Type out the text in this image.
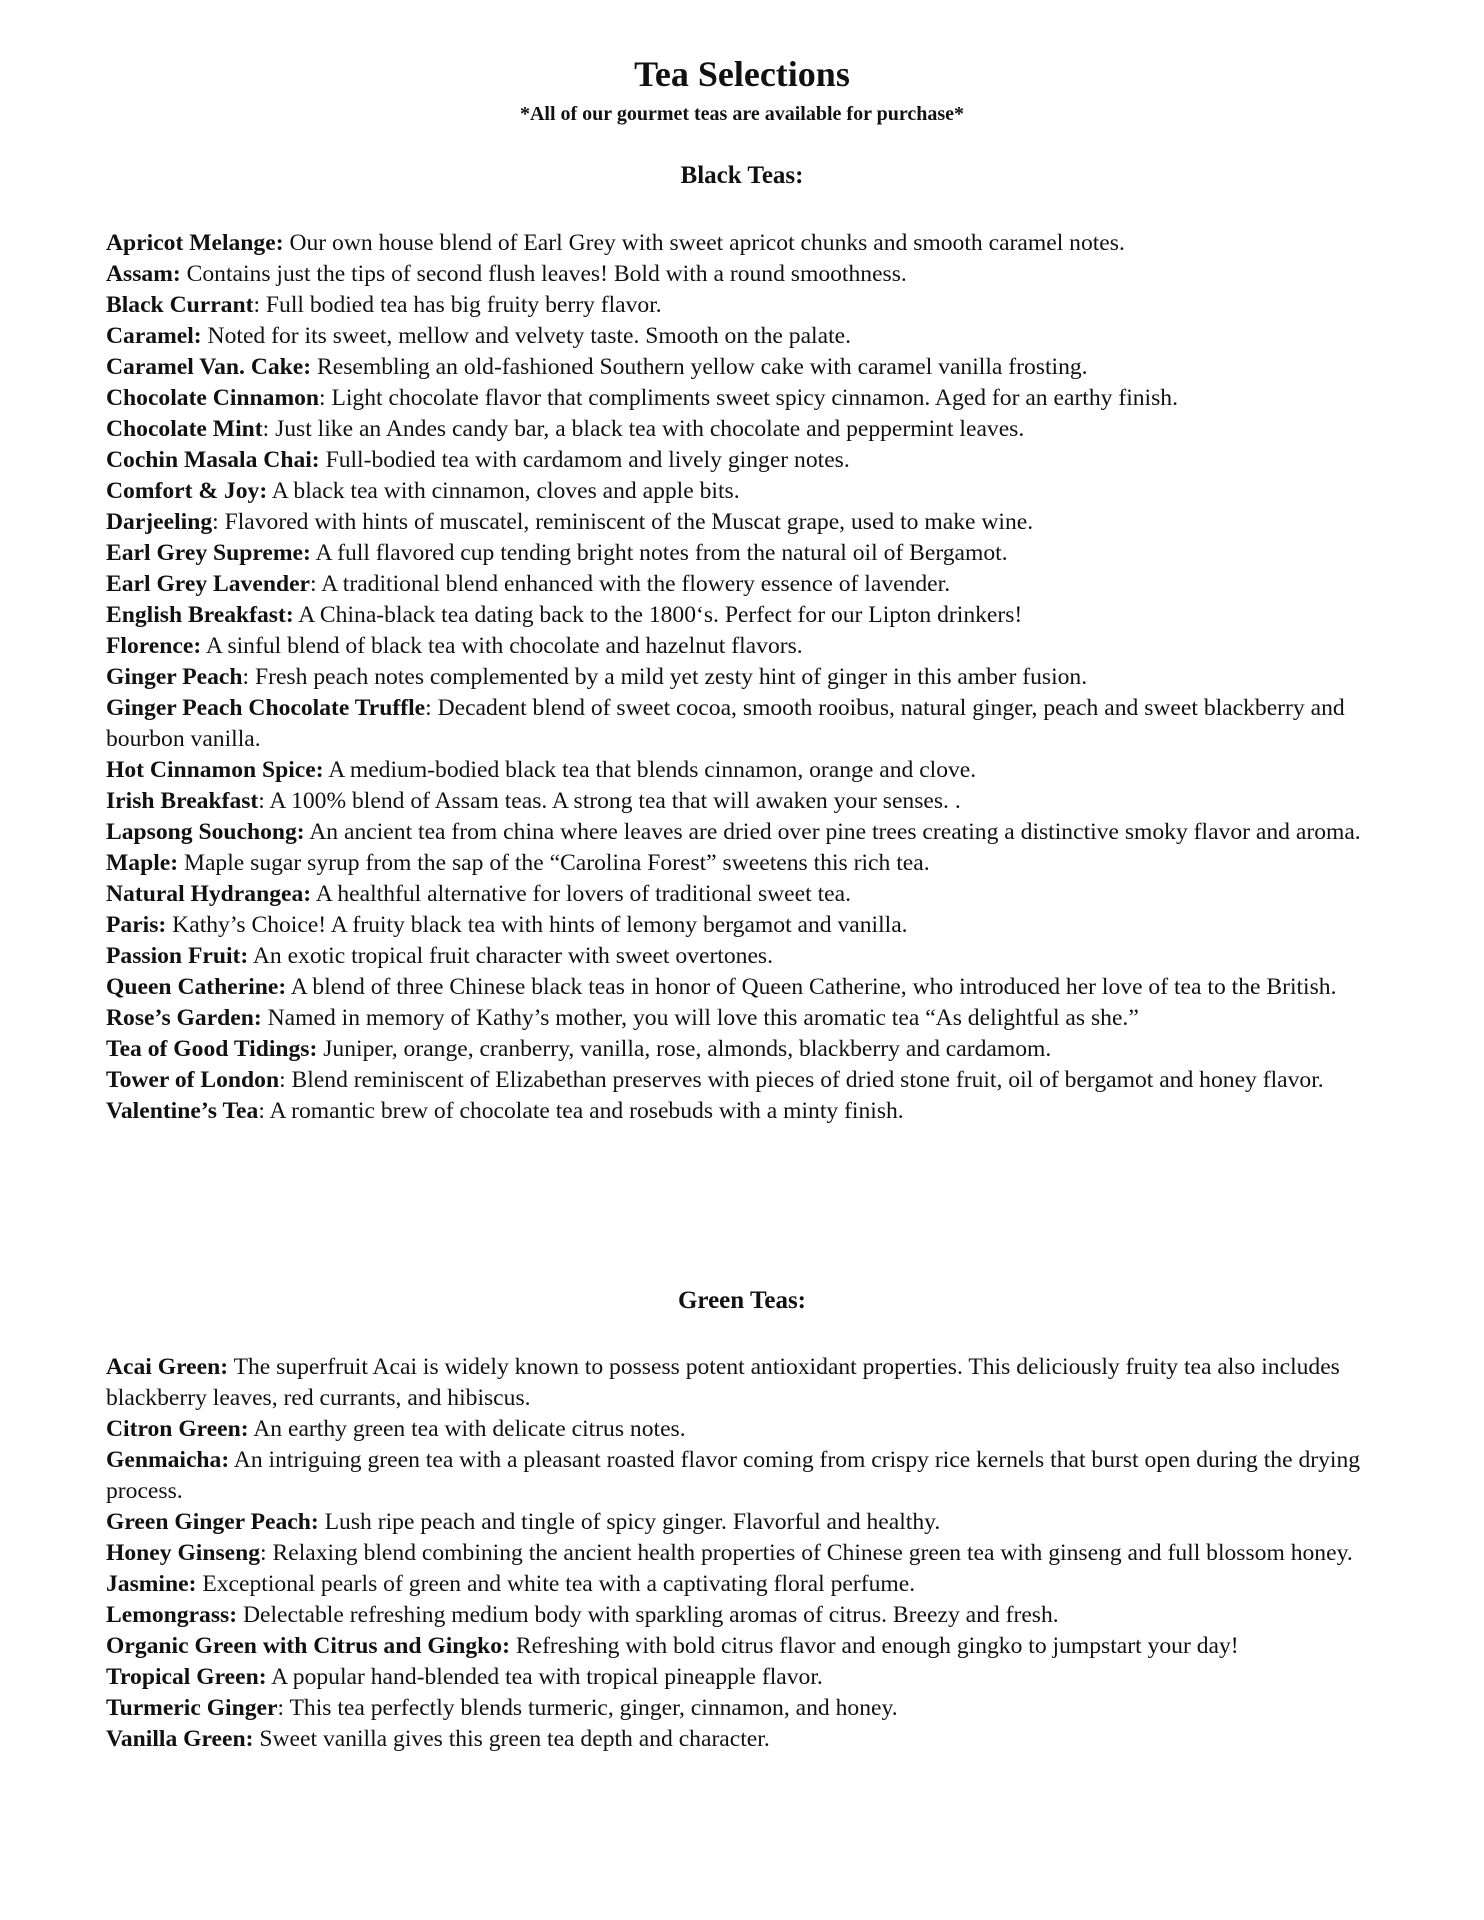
Tea Selections
*All of our gourmet teas are available for purchase*
Black Teas:
Apricot Melange: Our own house blend of Earl Grey with sweet apricot chunks and smooth caramel notes.
Assam: Contains just the tips of second flush leaves! Bold with a round smoothness.
Black Currant: Full bodied tea has big fruity berry flavor.
Caramel: Noted for its sweet, mellow and velvety taste. Smooth on the palate.
Caramel Van. Cake: Resembling an old-fashioned Southern yellow cake with caramel vanilla frosting.
Chocolate Cinnamon: Light chocolate flavor that compliments sweet spicy cinnamon. Aged for an earthy finish.
Chocolate Mint: Just like an Andes candy bar, a black tea with chocolate and peppermint leaves.
Cochin Masala Chai: Full-bodied tea with cardamom and lively ginger notes.
Comfort & Joy: A black tea with cinnamon, cloves and apple bits.
Darjeeling: Flavored with hints of muscatel, reminiscent of the Muscat grape, used to make wine.
Earl Grey Supreme: A full flavored cup tending bright notes from the natural oil of Bergamot.
Earl Grey Lavender: A traditional blend enhanced with the flowery essence of lavender.
English Breakfast: A China-black tea dating back to the 1800‘s. Perfect for our Lipton drinkers!
Florence: A sinful blend of black tea with chocolate and hazelnut flavors.
Ginger Peach: Fresh peach notes complemented by a mild yet zesty hint of ginger in this amber fusion.
Ginger Peach Chocolate Truffle: Decadent blend of sweet cocoa, smooth rooibus, natural ginger, peach and sweet blackberry and bourbon vanilla.
Hot Cinnamon Spice: A medium-bodied black tea that blends cinnamon, orange and clove.
Irish Breakfast: A 100% blend of Assam teas. A strong tea that will awaken your senses. .
Lapsong Souchong: An ancient tea from china where leaves are dried over pine trees creating a distinctive smoky flavor and aroma.
Maple: Maple sugar syrup from the sap of the “Carolina Forest” sweetens this rich tea.
Natural Hydrangea: A healthful alternative for lovers of traditional sweet tea.
Paris: Kathy’s Choice! A fruity black tea with hints of lemony bergamot and vanilla.
Passion Fruit: An exotic tropical fruit character with sweet overtones.
Queen Catherine: A blend of three Chinese black teas in honor of Queen Catherine, who introduced her love of tea to the British.
Rose’s Garden: Named in memory of Kathy’s mother, you will love this aromatic tea “As delightful as she.”
Tea of Good Tidings: Juniper, orange, cranberry, vanilla, rose, almonds, blackberry and cardamom.
Tower of London: Blend reminiscent of Elizabethan preserves with pieces of dried stone fruit, oil of bergamot and honey flavor.
Valentine’s Tea: A romantic brew of chocolate tea and rosebuds with a minty finish.
Green Teas:
Acai Green: The superfruit Acai is widely known to possess potent antioxidant properties. This deliciously fruity tea also includes blackberry leaves, red currants, and hibiscus.
Citron Green: An earthy green tea with delicate citrus notes.
Genmaicha: An intriguing green tea with a pleasant roasted flavor coming from crispy rice kernels that burst open during the drying process.
Green Ginger Peach: Lush ripe peach and tingle of spicy ginger. Flavorful and healthy.
Honey Ginseng: Relaxing blend combining the ancient health properties of Chinese green tea with ginseng and full blossom honey.
Jasmine: Exceptional pearls of green and white tea with a captivating floral perfume.
Lemongrass: Delectable refreshing medium body with sparkling aromas of citrus. Breezy and fresh.
Organic Green with Citrus and Gingko: Refreshing with bold citrus flavor and enough gingko to jumpstart your day!
Tropical Green: A popular hand-blended tea with tropical pineapple flavor.
Turmeric Ginger: This tea perfectly blends turmeric, ginger, cinnamon, and honey.
Vanilla Green: Sweet vanilla gives this green tea depth and character.
